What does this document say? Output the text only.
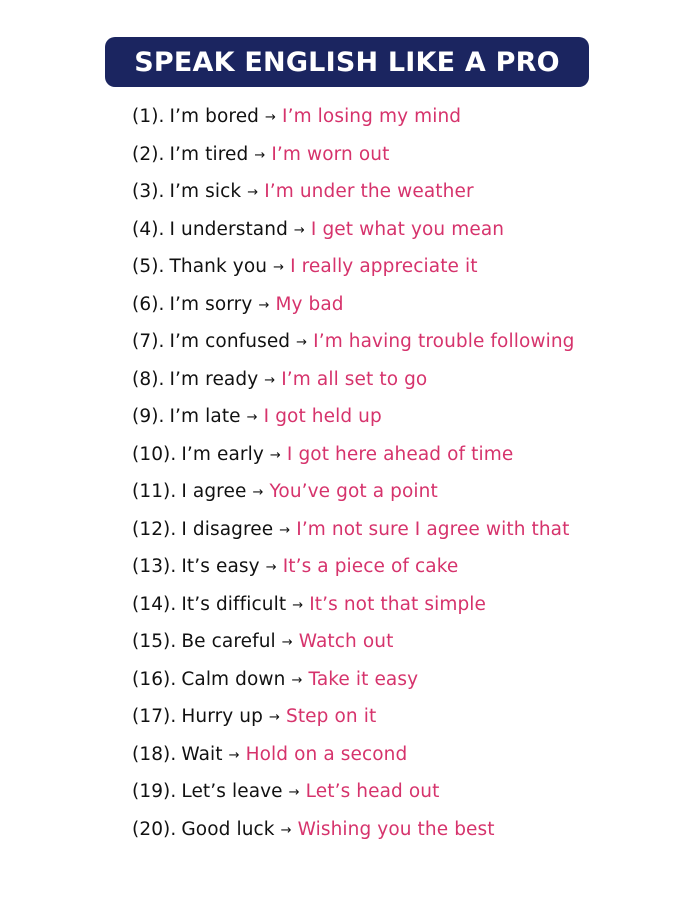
SPEAK ENGLISH LIKE A PRO
(1). I’m bored → I’m losing my mind
(2). I’m tired → I’m worn out
(3). I’m sick → I’m under the weather
(4). I understand → I get what you mean
(5). Thank you → I really appreciate it
(6). I’m sorry → My bad
(7). I’m confused → I’m having trouble following
(8). I’m ready → I’m all set to go
(9). I’m late → I got held up
(10). I’m early → I got here ahead of time
(11). I agree → You’ve got a point
(12). I disagree → I’m not sure I agree with that
(13). It’s easy → It’s a piece of cake
(14). It’s difficult → It’s not that simple
(15). Be careful → Watch out
(16). Calm down → Take it easy
(17). Hurry up → Step on it
(18). Wait → Hold on a second
(19). Let’s leave → Let’s head out
(20). Good luck → Wishing you the best
